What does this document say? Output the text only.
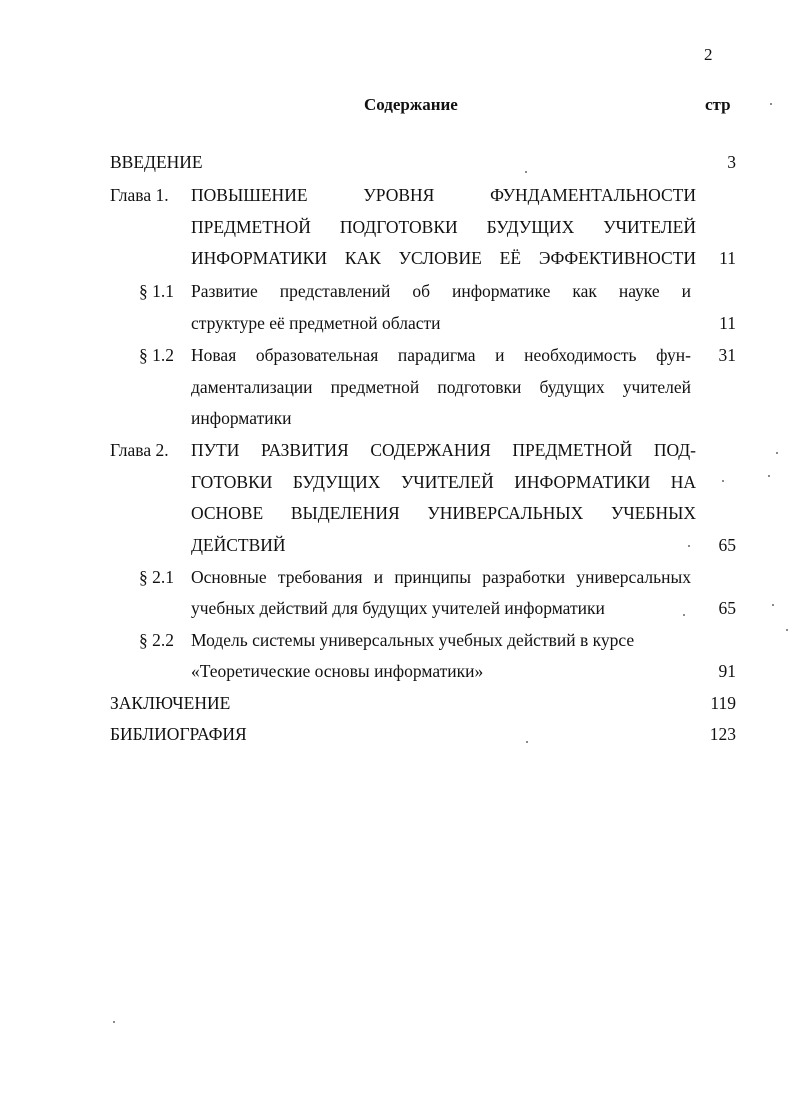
2
Содержание	стр
ВВЕДЕНИЕ	3
Глава 1. ПОВЫШЕНИЕ УРОВНЯ ФУНДАМЕНТАЛЬНОСТИ
ПРЕДМЕТНОЙ ПОДГОТОВКИ БУДУЩИХ УЧИТЕЛЕЙ
ИНФОРМАТИКИ КАК УСЛОВИЕ ЕЁ ЭФФЕКТИВНОСТИ 11
§ 1.1 Развитие представлений об информатике как науке и
структуре её предметной области	11
§ 1.2 Новая образовательная парадигма и необходимость фун- 31
даментализации предметной подготовки будущих учителей
информатики
Глава 2. ПУТИ РАЗВИТИЯ СОДЕРЖАНИЯ ПРЕДМЕТНОЙ ПОД-
ГОТОВКИ БУДУЩИХ УЧИТЕЛЕЙ ИНФОРМАТИКИ НА
ОСНОВЕ ВЫДЕЛЕНИЯ УНИВЕРСАЛЬНЫХ УЧЕБНЫХ
ДЕЙСТВИЙ	65
§ 2.1 Основные требования и принципы разработки универсальных
учебных действий для будущих учителей информатики	65
§ 2.2 Модель системы универсальных учебных действий в курсе
«Теоретические основы информатики»	91
ЗАКЛЮЧЕНИЕ	119
БИБЛИОГРАФИЯ	123
